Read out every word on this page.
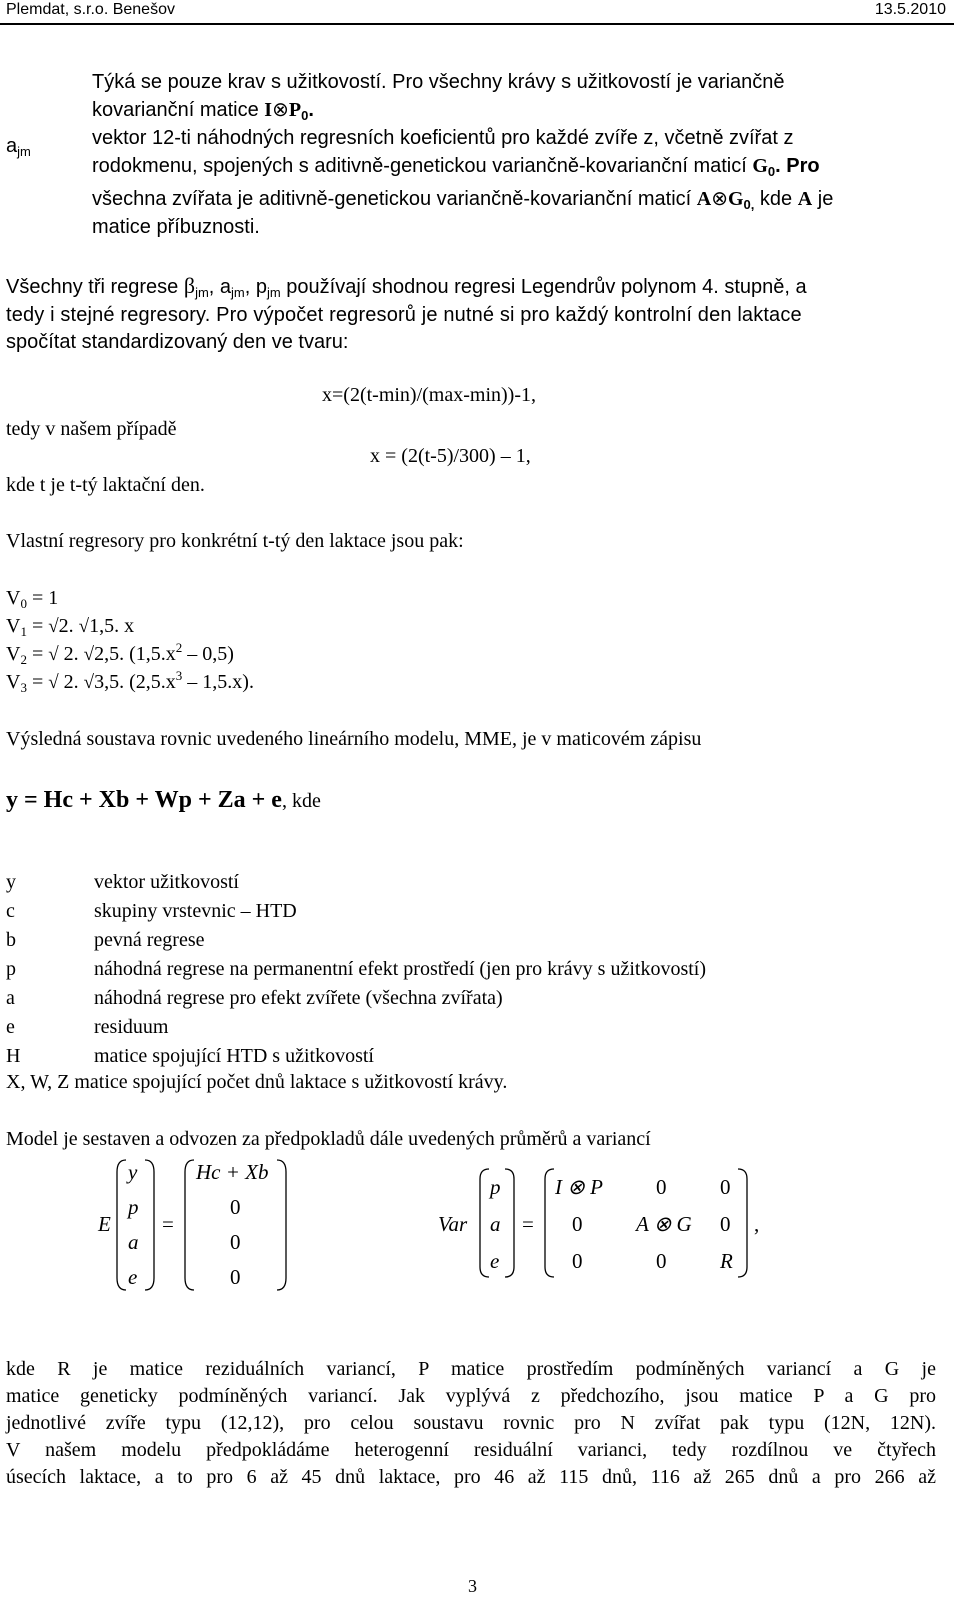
Plemdat, s.r.o. Benešov	13.5.2010
Týká se pouze krav s užitkovostí. Pro všechny krávy s užitkovostí je variančně
kovarianční matice $I\otimes P_0$.
$a_{jm}$
vektor 12-ti náhodných regresních koeficientů pro každé zvíře z, včetně zvířat z
rodokmenu, spojených s aditivně-genetickou variančně-kovarianční maticí $G_0$. Pro
všechna zvířata je aditivně-genetickou variančně-kovarianční maticí $A\otimes G_{0,}$ kde A je
matice příbuznosti.
Všechny tři regrese $\beta_{jm}$, $a_{jm}$, $p_{jm}$ používají shodnou regresi Legendrův polynom 4. stupně, a
tedy i stejné regresory. Pro výpočet regresorů je nutné si pro každý kontrolní den laktace
spočítat standardizovaný den ve tvaru:
x=(2(t-min)/(max-min))-1,
tedy v našem případě
x = (2(t-5)/300) – 1,
kde t je t-tý laktační den.
Vlastní regresory pro konkrétní t-tý den laktace jsou pak:
$V_0 = 1$
$V_1 = √2$. √1,5. x
$V_2$ = √ 2. √2,5. $(1,5.x^2 - 0,5)$
$V_3$ = √ 2. √3,5. $(2,5.x^3 - 1,5.x)$.
Výsledná soustava rovnic uvedeného lineárního modelu, MME, je v maticovém zápisu
y = Hc + Xb + Wp + Za + e, kde
y	vektor užitkovostí
c	skupiny vrstevnic – HTD
b	pevná regrese
p	náhodná regrese na permanentní efekt prostředí (jen pro krávy s užitkovostí)
a	náhodná regrese pro efekt zvířete (všechna zvířata)
e	residuum
H	matice spojující HTD s užitkovostí
X, W, Z matice spojující počet dnů laktace s užitkovostí krávy.
Model je sestaven a odvozen za předpokladů dále uvedených průměrů a variancí
E
y
p
a
e
=
Hc + Xb
0
0
0
Var
p
a
e
=
I ⊗ P	0	0
0	A ⊗ G 0
0	0	R
,
kde R je matice reziduálních variancí, P matice prostředím podmíněných variancí a G je
matice geneticky podmíněných variancí. Jak vyplývá z předchozího, jsou matice P a G pro
jednotlivé zvíře typu (12,12), pro celou soustavu rovnic pro N zvířat pak typu (12N, 12N).
V našem modelu předpokládáme heterogenní residuální varianci, tedy rozdílnou ve čtyřech
úsecích laktace, a to pro 6 až 45 dnů laktace, pro 46 až 115 dnů, 116 až 265 dnů a pro 266 až
3
